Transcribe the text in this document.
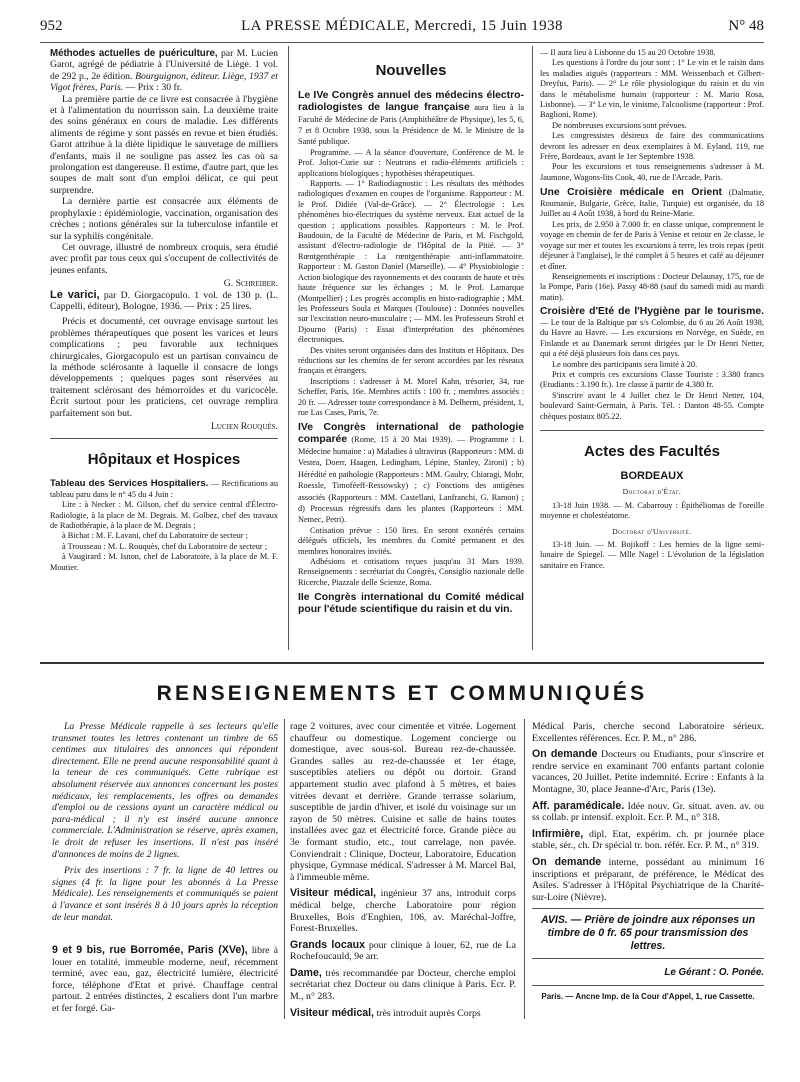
952	LA PRESSE MÉDICALE, Mercredi, 15 Juin 1938	N° 48

Méthodes actuelles de puériculture, par M. Lucien Garot, agrégé de pédiatrie à l'Université de Liège. 1 vol. de 292 p., 2e édition. Bourguignon, éditeur. Liège, 1937 et Vigot frères, Paris. — Prix : 30 fr.

La première partie de ce livre est consacrée à l'hygiène et à l'alimentation du nourrisson sain. La deuxième traite des soins généraux en cours de maladie. Les différents aliments de régime y sont passés en revue et bien étudiés. Garot attribue à la diète lipidique le sauvetage de milliers d'enfants, mais il ne souligne pas assez les cas où sa prolongation est dangereuse. Il estime, d'autre part, que les soupes de malt sont d'un emploi délicat, ce qui peut surprendre.

La dernière partie est consacrée aux éléments de prophylaxie : épidémiologie, vaccination, organisation des crèches ; notions générales sur la tuberculose infantile et sur la syphilis congénitale.

Cet ouvrage, illustré de nombreux croquis, sera étudié avec profit par tous ceux qui s'occupent de collectivités de jeunes enfants.

G. Schreiber.

Le varici, par D. Giorgacopulo. 1 vol. de 130 p. (L. Cappelli, éditeur), Bologne, 1936. — Prix : 25 lires.

Précis et documenté, cet ouvrage envisage surtout les problèmes thérapeutiques que posent les varices et leurs complications ; peu favorable aux techniques chirurgicales, Giorgacopulo est un partisan convaincu de la méthode sclérosante à laquelle il consacre de longs développements ; quelques pages sont réservées au traitement sclérosant des hémorroïdes et du varicocèle. Écrit surtout pour les praticiens, cet ouvrage remplira parfaitement son but.

Lucien Rouquès.

Hôpitaux et Hospices

Tableau des Services Hospitaliers. — Rectifications au tableau paru dans le n° 45 du 4 Juin :

Lire : à Necker : M. Gilson, chef du service central d'Électro-Radiologie, à la place de M. Degrais. M. Golbez, chef des travaux de Radiothérapie, à la place de M. Degrais ;

à Bichat : M. F. Lavani, chef du Laboratoire de secteur ;

à Trousseau : M. L. Rouquès, chef du Laboratoire de secteur ;

à Vaugirard : M. Isnon, chef de Laboratoire, à la place de M. F. Moutier.

Nouvelles

Le IVe Congrès annuel des médecins électro-radiologistes de langue française aura lieu à la Faculté de Médecine de Paris (Amphithéâtre de Physique), les 5, 6, 7 et 8 Octobre 1938, sous la Présidence de M. le Ministre de la Santé publique.

Programme. — A la séance d'ouverture, Conférence de M. le Prof. Joliot-Curie sur : Neutrons et radio-éléments artificiels : applications biologiques ; hypothèses thérapeutiques.

Rapports. — 1° Radiodiagnostic : Les résultats des méthodes radiologiques d'examen en coupes de l'organisme. Rapporteur : M. le Prof. Didiée (Val-de-Grâce). — 2° Électrologie : Les phénomènes bio-électriques du système nerveux. Etat actuel de la question ; applications possibles. Rapporteurs : M. le Prof. Baudouin, de la Faculté de Médecine de Paris, et M. Fischgold, assistant d'électro-radiologie de l'Hôpital de la Pitié. — 3° Rœntgenthérapie : La rœntgenthérapie anti-inflammatoire. Rapporteur : M. Gaston Daniel (Marseille). — 4° Physiobiologie : Action biologique des rayonnements et des courants de haute et très haute fréquence sur les échanges ; M. le Prof. Lamarque (Montpellier) ; Les progrès accomplis en histo-radiographie ; MM. les Professeurs Soula et Marques (Toulouse) : Données nouvelles sur l'excitation neuro-musculaire ; — MM. les Professeurs Strohl et Djourno (Paris) : Essai d'interprétation des phénomènes électroniques.

Des visites seront organisées dans des Instituts et Hôpitaux. Des réductions sur les chemins de fer seront accordées par les réseaux français et étrangers.

Inscriptions : s'adresser à M. Morel Kahn, trésorier, 34, rue Scheffer, Paris, 16e. Membres actifs : 100 fr. ; membres associés : 20 fr. — Adresser toute correspondance à M. Delherm, président, 1, rue Las Cases, Paris, 7e.

IVe Congrès international de pathologie comparée (Rome, 15 à 20 Mai 1939). — Programme : I. Médecine humaine : a) Maladies à ultravirus (Rapporteurs : MM. di Vestea, Doerr, Haagen, Ledingham, Lépine, Stanley, Zironi) ; b) Hérédité en pathologie (Rapporteurs : MM. Gaulry, Chiaragi, Mohr, Roessle, Timoféeff-Ressowsky) ; c) Fonctions des antigènes associés (Rapporteurs : MM. Castellani, Lanfranchi, G. Ramon) ; d) Processus régressifs dans les plantes (Rapporteurs : MM. Nemec, Petri).

Cotisation prévue : 150 lires. En seront exonérés certains délégués officiels, les membres du Comité permanent et des membres honoraires invités.

Adhésions et cotisations reçues jusqu'au 31 Mars 1939. Renseignements : secrétariat du Congrès, Consiglio nazionale delle Ricerche, Piazzale delle Scienze, Roma.

IIe Congrès international du Comité médical pour l'étude scientifique du raisin et du vin.

— Il aura lieu à Lisbonne du 15 au 20 Octobre 1938.

Les questions à l'ordre du jour sont : 1° Le vin et le raisin dans les maladies aiguës (rapporteurs : MM. Weissenbach et Gilbert-Dreyfus, Paris). — 2° Le rôle physiologique du raisin et du vin dans le métabolisme humain (rapporteur : M. Mario Rosa, Lisbonne). — 3° Le vin, le vinisme, l'alcoolisme (rapporteur : Prof. Baglioni, Rome).

De nombreuses excursions sont prévues.

Les congressistes désireux de faire des communications devront les adresser en deux exemplaires à M. Eyland, 119, rue Frère, Bordeaux, avant le 1er Septembre 1938.

Pour les excursions et tous renseignements s'adresser à M. Jaumone, Wagons-lits Cook, 40, rue de l'Arcade, Paris.

Une Croisière médicale en Orient (Dalmatie, Roumanie, Bulgarie, Grèce, Italie, Turquie) est organisée, du 18 Juillet au 4 Août 1938, à bord du Reine-Marie.

Les prix, de 2.950 à 7.000 fr. en classe unique, comprennent le voyage en chemin de fer de Paris à Venise et retour en 2e classe, le voyage sur mer et toutes les excursions à terre, les trois repas (petit déjeuner à l'anglaise), le thé complet à 5 heures et café au déjeuner et dîner.

Renseignements et inscriptions : Docteur Delaunay, 175, rue de la Pompe, Paris (16e). Passy 48-88 (sauf du samedi midi au mardi matin).

Croisière d'Eté de l'Hygiène par le tourisme. — Le tour de la Baltique par s/s Colombie, du 6 au 26 Août 1938, du Havre au Havre. — Les excursions en Norvège, en Suède, en Finlande et au Danemark seront dirigées par le Dr Henri Netter, qui a été déjà plusieurs fois dans ces pays.

Le nombre des participants sera limité à 20.

Prix et compris ces excursions Classe Touriste : 3.380 francs (Etudiants : 3.190 fr.). 1re classe à partir de 4.380 fr.

S'inscrire avant le 4 Juillet chez le Dr Henri Netter, 104, boulevard Saint-Germain, à Paris. Tél. : Danton 48-55. Compte chèques postaux 805.22.

Actes des Facultés
BORDEAUX
Doctorat d'État.

13-18 Juin 1938. — M. Cabarrouy : Épithéliomas de l'oreille moyenne et cholestéatome.

Doctorat d'Université.

13-18 Juin. — M. Bojikoff : Les hernies de la ligne semi-lunaire de Spiegel. — Mlle Nagel : L'évolution de la législation sanitaire en France.

RENSEIGNEMENTS ET COMMUNIQUÉS

La Presse Médicale rappelle à ses lecteurs qu'elle transmet toutes les lettres contenant un timbre de 65 centimes aux titulaires des annonces qui répondent directement. Elle ne prend aucune responsabilité quant à la teneur de ces communiqués. Cette rubrique est absolument réservée aux annonces concernant les postes médicaux, les remplacements, les offres ou demandes d'emploi ou de cessions ayant un caractère médical ou para-médical ; il n'y est inséré aucune annonce commerciale. L'Administration se réserve, après examen, le droit de refuser les insertions. Il n'est pas inséré d'annonces de moins de 2 lignes.

Prix des insertions : 7 fr. la ligne de 40 lettres ou signes (4 fr. la ligne pour les abonnés à La Presse Médicale). Les renseignements et communiqués se paient à l'avance et sont insérés 8 à 10 jours après la réception de leur mandat.

9 et 9 bis, rue Borromée, Paris (XVe), libre à louer en totalité, immeuble moderne, neuf, récemment terminé, avec eau, gaz, électricité lumière, électricité force, téléphone d'Etat et privé. Chauffage central partout. 2 entrées distinctes, 2 escaliers dont l'un marbre et fer forgé. Ga-

rage 2 voitures, avec cour cimentée et vitrée. Logement chauffeur ou domestique. Logement concierge ou domestique, avec sous-sol. Bureau rez-de-chaussée. Grandes salles au rez-de-chaussée et 1er étage, susceptibles ateliers ou dépôt ou dortoir. Grand appartement studio avec plafond à 5 mètres, et baies vitrées devant et derrière. Grande terrasse solarium, susceptible de jardin d'hiver, et isolé du voisinage sur un rayon de 50 mètres. Cuisine et salle de bains toutes installées avec gaz et électricité force. Grande pièce au 3e formant studio, etc., tout carrelage, non pavée. Conviendrait : Clinique, Docteur, Laboratoire, Education physique, Gymnase médical. S'adresser à M. Marcel Bal, à l'immeuble même.

Visiteur médical, ingénieur 37 ans, introduit corps médical belge, cherche Laboratoire pour région Bruxelles, Bois d'Enghien, 106, av. Maréchal-Joffre, Forest-Bruxelles.

Grands locaux pour clinique à louer, 62, rue de La Rochefoucauld, 9e arr.

Dame, très recommandée par Docteur, cherche emploi secrétariat chez Docteur ou dans clinique à Paris. Ecr. P. M., n° 283.

Visiteur médical, très introduit auprès Corps

Médical Paris, cherche second Laboratoire sérieux. Excellentes références. Ecr. P. M., n° 286.

On demande Docteurs ou Etudiants, pour s'inscrire et rendre service en examinant 700 enfants partant colonie vacances, 20 Juillet. Petite indemnité. Ecrire : Enfants à la Montagne, 30, place Jeanne-d'Arc, Paris (13e).

Aff. paramédicale. Idée nouv. Gr. situat. aven. av. ou ss collab. pr intensif. exploit. Ecr. P. M., n° 318.

Infirmière, dipl. Etat, expérim. ch. pr journée place stable, sér., ch. Dr spécial tr. bon. référ. Ecr. P. M., n° 319.

On demande interne, possédant au minimum 16 inscriptions et préparant, de préférence, le Médicat des Asiles. S'adresser à l'Hôpital Psychiatrique de la Charité-sur-Loire (Nièvre).

AVIS. — Prière de joindre aux réponses un timbre de 0 fr. 65 pour transmission des lettres.

Le Gérant : O. Ponée.

Paris. — Ancne Imp. de la Cour d'Appel, 1, rue Cassette.
